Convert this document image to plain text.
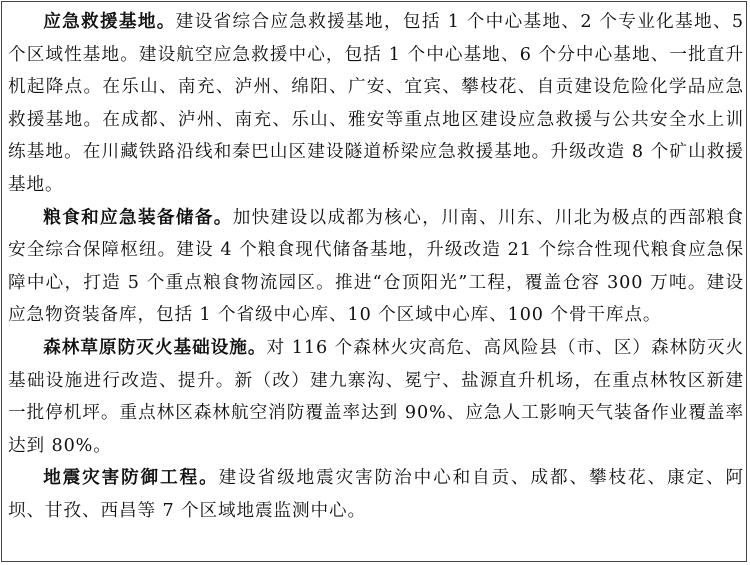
应急救援基地。建设省综合应急救援基地，包括 1 个中心基地、2 个专业化基地、5 个区域性基地。建设航空应急救援中心，包括 1 个中心基地、6 个分中心基地、一批直升机起降点。在乐山、南充、泸州、绵阳、广安、宜宾、攀枝花、自贡建设危险化学品应急救援基地。在成都、泸州、南充、乐山、雅安等重点地区建设应急救援与公共安全水上训练基地。在川藏铁路沿线和秦巴山区建设隧道桥梁应急救援基地。升级改造 8 个矿山救援基地。

粮食和应急装备储备。加快建设以成都为核心，川南、川东、川北为极点的西部粮食安全综合保障枢纽。建设 4 个粮食现代储备基地，升级改造 21 个综合性现代粮食应急保障中心，打造 5 个重点粮食物流园区。推进“仓顶阳光”工程，覆盖仓容 300 万吨。建设应急物资装备库，包括 1 个省级中心库、10 个区域中心库、100 个骨干库点。

森林草原防灭火基础设施。对 116 个森林火灾高危、高风险县（市、区）森林防灭火基础设施进行改造、提升。新（改）建九寨沟、冕宁、盐源直升机场，在重点林牧区新建一批停机坪。重点林区森林航空消防覆盖率达到 90%、应急人工影响天气装备作业覆盖率达到 80%。

地震灾害防御工程。建设省级地震灾害防治中心和自贡、成都、攀枝花、康定、阿坝、甘孜、西昌等 7 个区域地震监测中心。
